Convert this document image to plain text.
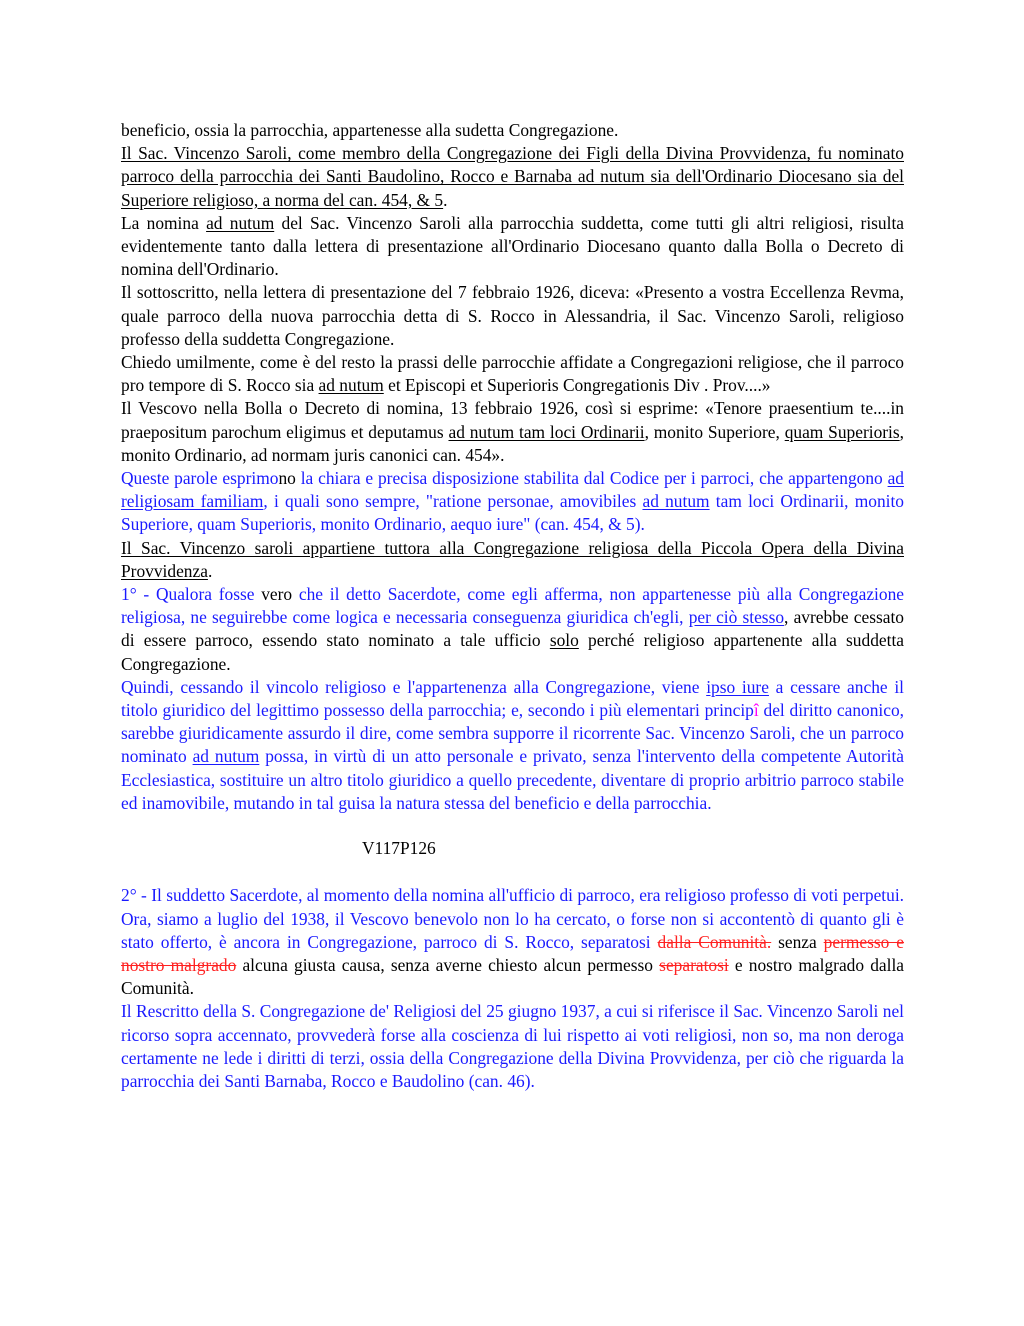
beneficio, ossia la parrocchia, appartenesse alla sudetta Congregazione.

Il Sac. Vincenzo Saroli, come membro della Congregazione dei Figli della Divina Provvidenza, fu nominato parroco della parrocchia dei Santi Baudolino, Rocco e Barnaba ad nutum sia dell'Ordinario Diocesano sia del Superiore religioso, a norma del can. 454, & 5.

La nomina ad nutum del Sac. Vincenzo Saroli alla parrocchia suddetta, come tutti gli altri religiosi, risulta evidentemente tanto dalla lettera di presentazione all'Ordinario Diocesano quanto dalla Bolla o Decreto di nomina dell'Ordinario.

Il sottoscritto, nella lettera di presentazione del 7 febbraio 1926, diceva: «Presento a vostra Eccellenza Revma, quale parroco della nuova parrocchia detta di S. Rocco in Alessandria, il Sac. Vincenzo Saroli, religioso professo della suddetta Congregazione.

Chiedo umilmente, come è del resto la prassi delle parrocchie affidate a Congregazioni religiose, che il parroco pro tempore di S. Rocco sia ad nutum et Episcopi et Superioris Congregationis Div . Prov....»

Il Vescovo nella Bolla o Decreto di nomina, 13 febbraio 1926, così si esprime: «Tenore praesentium te....in praepositum parochum eligimus et deputamus ad nutum tam loci Ordinarii, monito Superiore, quam Superioris, monito Ordinario, ad normam juris canonici can. 454».

Queste parole esprimono la chiara e precisa disposizione stabilita dal Codice per i parroci, che appartengono ad religiosam familiam, i quali sono sempre, "ratione personae, amovibiles ad nutum tam loci Ordinarii, monito Superiore, quam Superioris, monito Ordinario, aequo iure" (can. 454, & 5).

Il Sac. Vincenzo saroli appartiene tuttora alla Congregazione religiosa della Piccola Opera della Divina Provvidenza.

1° - Qualora fosse vero che il detto Sacerdote, come egli afferma, non appartenesse più alla Congregazione religiosa, ne seguirebbe come logica e necessaria conseguenza giuridica ch'egli, per ciò stesso, avrebbe cessato di essere parroco, essendo stato nominato a tale ufficio solo perché religioso appartenente alla suddetta Congregazione.

Quindi, cessando il vincolo religioso e l'appartenenza alla Congregazione, viene ipso iure a cessare anche il titolo giuridico del legittimo possesso della parrocchia; e, secondo i più elementari principî del diritto canonico, sarebbe giuridicamente assurdo il dire, come sembra supporre il ricorrente Sac. Vincenzo Saroli, che un parroco nominato ad nutum possa, in virtù di un atto personale e privato, senza l'intervento della competente Autorità Ecclesiastica, sostituire un altro titolo giuridico a quello precedente, diventare di proprio arbitrio parroco stabile ed inamovibile, mutando in tal guisa la natura stessa del beneficio e della parrocchia.

V117P126

2° - Il suddetto Sacerdote, al momento della nomina all'ufficio di parroco, era religioso professo di voti perpetui. Ora, siamo a luglio del 1938, il Vescovo benevolo non lo ha cercato, o forse non si accontentò di quanto gli è stato offerto, è ancora in Congregazione, parroco di S. Rocco, separatosi dalla Comunità. senza permesso e nostro malgrado alcuna giusta causa, senza averne chiesto alcun permesso separatosi e nostro malgrado dalla Comunità.

Il Rescritto della S. Congregazione de' Religiosi del 25 giugno 1937, a cui si riferisce il Sac. Vincenzo Saroli nel ricorso sopra accennato, provvederà forse alla coscienza di lui rispetto ai voti religiosi, non so, ma non deroga certamente ne lede i diritti di terzi, ossia della Congregazione della Divina Provvidenza, per ciò che riguarda la parrocchia dei Santi Barnaba, Rocco e Baudolino (can. 46).
